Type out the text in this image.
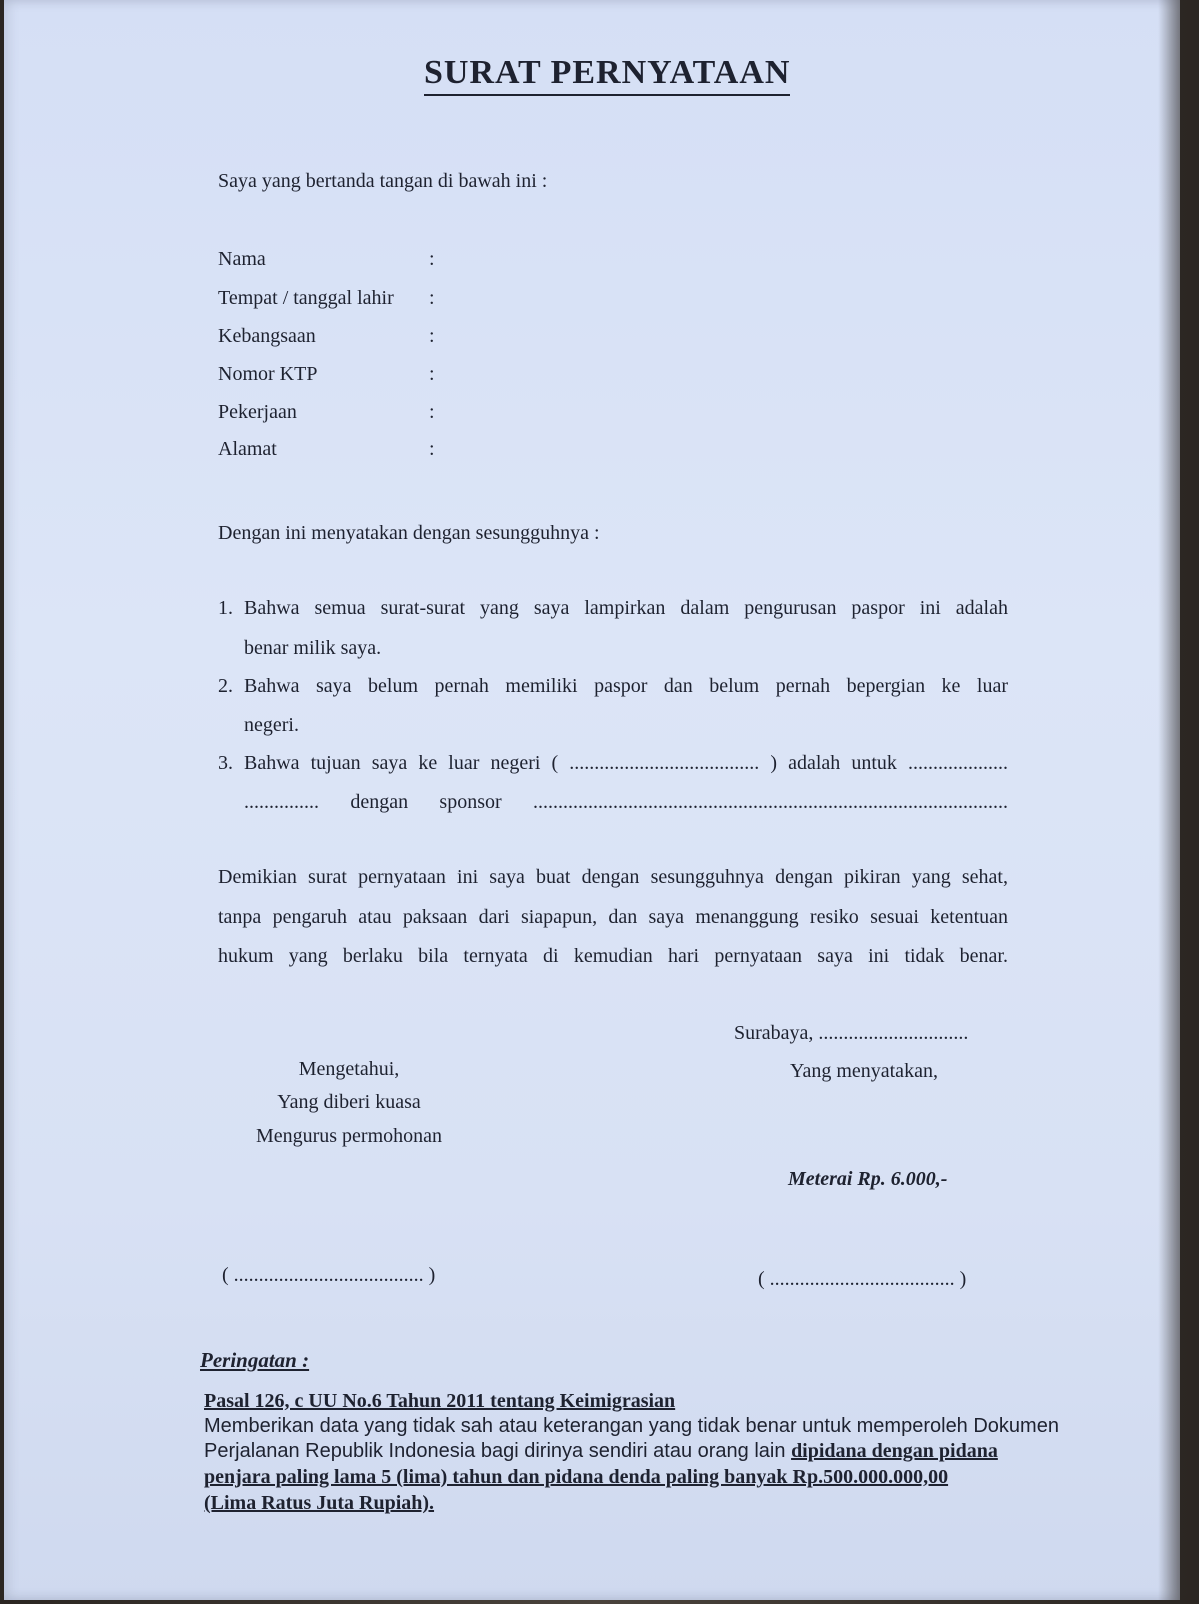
SURAT PERNYATAAN
Saya yang bertanda tangan di bawah ini :
Nama	:
Tempat / tanggal lahir :
Kebangsaan	:
Nomor KTP	:
Pekerjaan	:
Alamat	:
Dengan ini menyatakan dengan sesungguhnya :
1. Bahwa semua surat-surat yang saya lampirkan dalam pengurusan paspor ini adalah
benar milik saya.
2. Bahwa saya belum pernah memiliki paspor dan belum pernah bepergian ke luar
negeri.
3. Bahwa tujuan saya ke luar negeri ( ...................................... ) adalah untuk ....................
............... dengan sponsor ...............................................................................................
Demikian surat pernyataan ini saya buat dengan sesungguhnya dengan pikiran yang sehat,
tanpa pengaruh atau paksaan dari siapapun, dan saya menanggung resiko sesuai ketentuan
hukum yang berlaku bila ternyata di kemudian hari pernyataan saya ini tidak benar.
Surabaya, ..............................
Mengetahui,
Yang diberi kuasa
Mengurus permohonan
Yang menyatakan,
Meterai Rp. 6.000,-
( ...................................... )	( ..................................... )
Peringatan :
Pasal 126, c UU No.6 Tahun 2011 tentang Keimigrasian
Memberikan data yang tidak sah atau keterangan yang tidak benar untuk memperoleh Dokumen
Perjalanan Republik Indonesia bagi dirinya sendiri atau orang lain dipidana dengan pidana
penjara paling lama 5 (lima) tahun dan pidana denda paling banyak Rp.500.000.000,00
(Lima Ratus Juta Rupiah).
